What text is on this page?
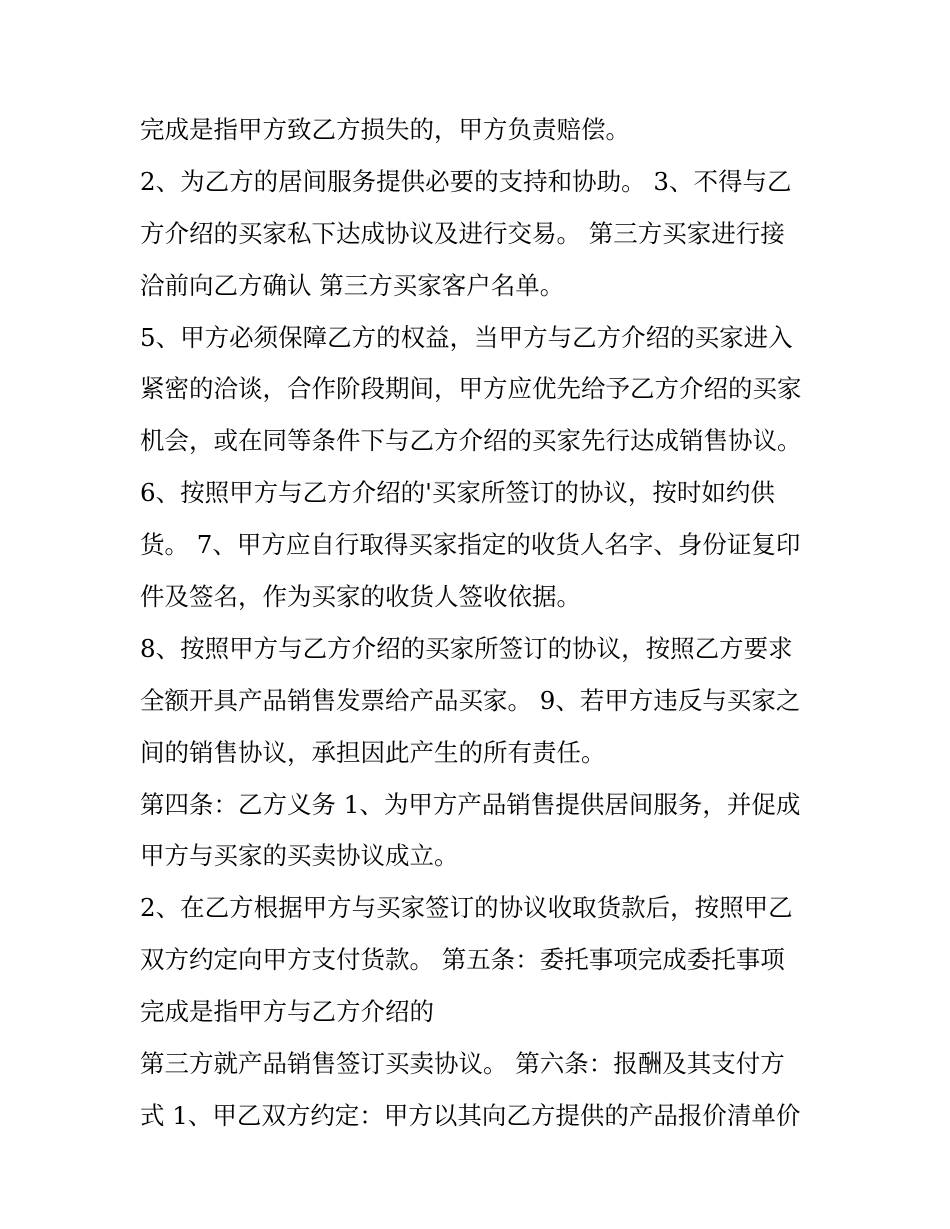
完成是指甲方致乙方损失的，甲方负责赔偿。
2、为乙方的居间服务提供必要的支持和协助。 3、不得与乙
方介绍的买家私下达成协议及进行交易。 第三方买家进行接
洽前向乙方确认 第三方买家客户名单。
5、甲方必须保障乙方的权益，当甲方与乙方介绍的买家进入
紧密的洽谈，合作阶段期间，甲方应优先给予乙方介绍的买家
机会，或在同等条件下与乙方介绍的买家先行达成销售协议。
6、按照甲方与乙方介绍的'买家所签订的协议，按时如约供
货。 7、甲方应自行取得买家指定的收货人名字、身份证复印
件及签名，作为买家的收货人签收依据。
8、按照甲方与乙方介绍的买家所签订的协议，按照乙方要求
全额开具产品销售发票给产品买家。 9、若甲方违反与买家之
间的销售协议，承担因此产生的所有责任。
第四条：乙方义务 1、为甲方产品销售提供居间服务，并促成
甲方与买家的买卖协议成立。
2、在乙方根据甲方与买家签订的协议收取货款后，按照甲乙
双方约定向甲方支付货款。 第五条：委托事项完成委托事项
完成是指甲方与乙方介绍的
第三方就产品销售签订买卖协议。 第六条：报酬及其支付方
式 1、甲乙双方约定：甲方以其向乙方提供的产品报价清单价
